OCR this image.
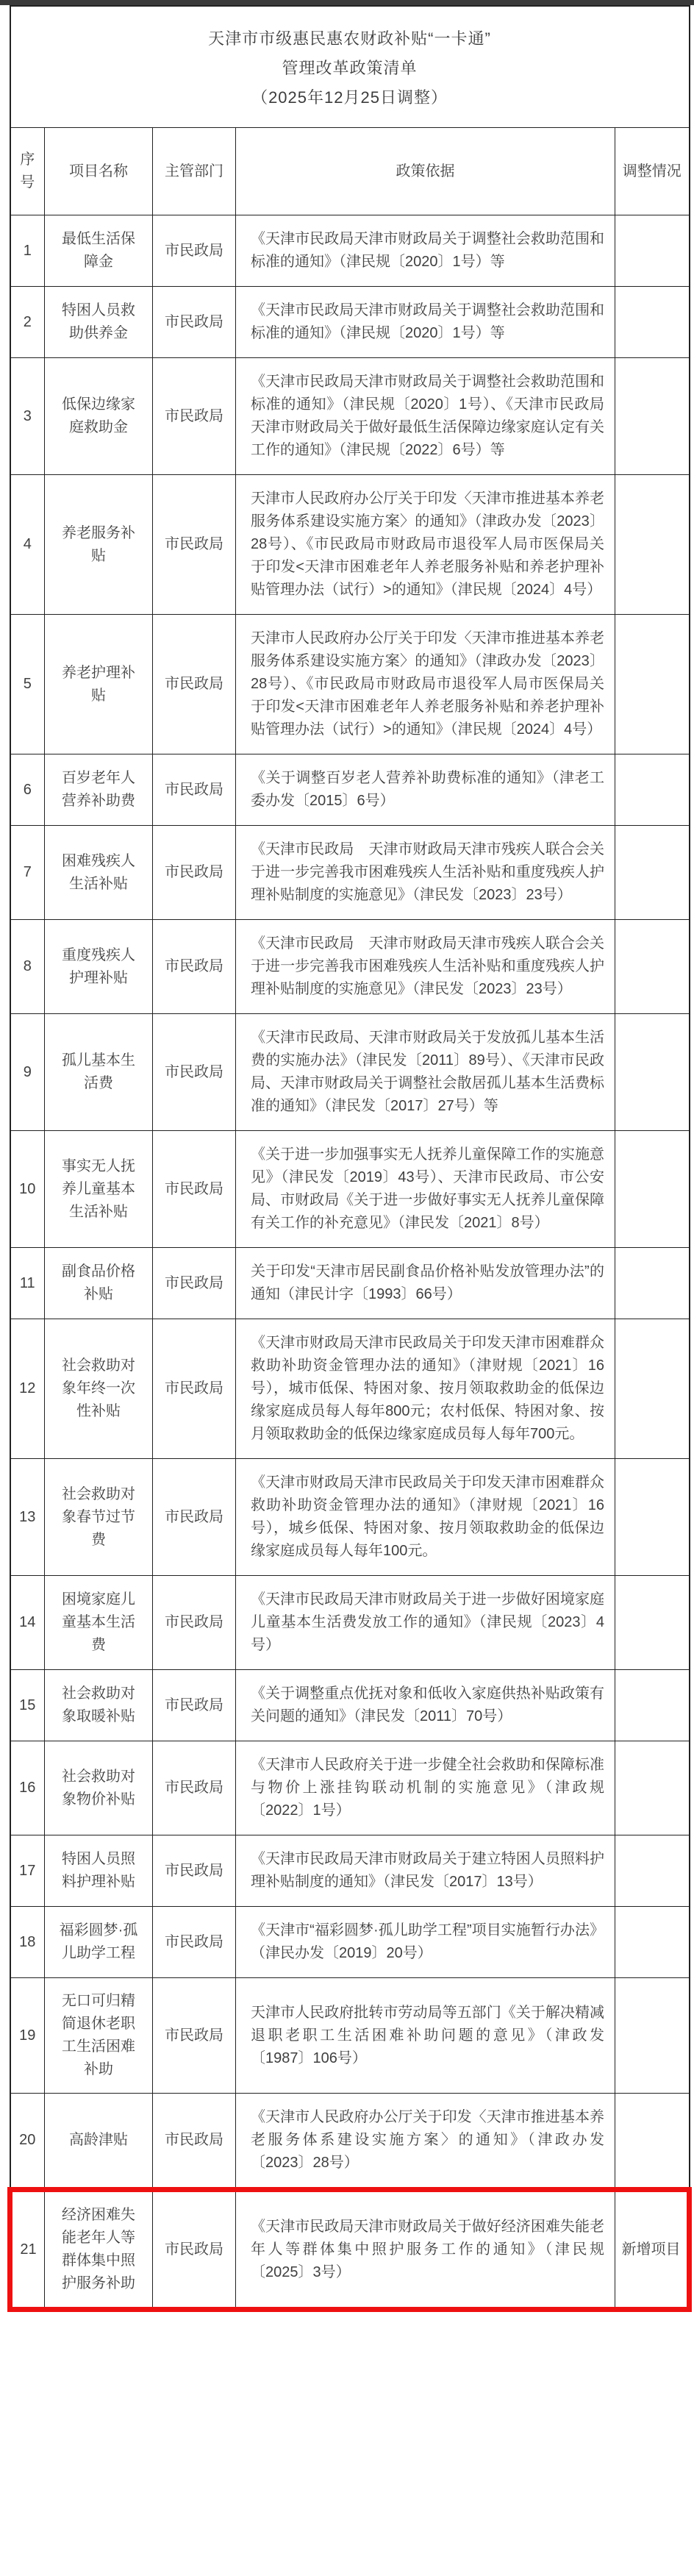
天津市市级惠民惠农财政补贴“一卡通”
管理改革政策清单
（2025年12月25日调整）				

序号	项目名称	主管部门	政策依据	调整情况
1	最低生活保障金	市民政局	《天津市民政局天津市财政局关于调整社会救助范围和标准的通知》（津民规〔2020〕1号）等	
2	特困人员救助供养金	市民政局	《天津市民政局天津市财政局关于调整社会救助范围和标准的通知》（津民规〔2020〕1号）等	
3	低保边缘家庭救助金	市民政局	《天津市民政局天津市财政局关于调整社会救助范围和标准的通知》（津民规〔2020〕1号）、《天津市民政局 天津市财政局关于做好最低生活保障边缘家庭认定有关工作的通知》（津民规〔2022〕6号）等	
4	养老服务补贴	市民政局	天津市人民政府办公厅关于印发〈天津市推进基本养老服务体系建设实施方案〉的通知》（津政办发〔2023〕28号）、《市民政局市财政局市退役军人局市医保局关于印发<天津市困难老年人养老服务补贴和养老护理补贴管理办法（试行）>的通知》（津民规〔2024〕4号）	
5	养老护理补贴	市民政局	天津市人民政府办公厅关于印发〈天津市推进基本养老服务体系建设实施方案〉的通知》（津政办发〔2023〕28号）、《市民政局市财政局市退役军人局市医保局关于印发<天津市困难老年人养老服务补贴和养老护理补贴管理办法（试行）>的通知》（津民规〔2024〕4号）	
6	百岁老年人营养补助费	市民政局	《关于调整百岁老人营养补助费标准的通知》（津老工委办发〔2015〕6号）	
7	困难残疾人生活补贴	市民政局	《天津市民政局　天津市财政局天津市残疾人联合会关于进一步完善我市困难残疾人生活补贴和重度残疾人护理补贴制度的实施意见》（津民发〔2023〕23号）	
8	重度残疾人护理补贴	市民政局	《天津市民政局　天津市财政局天津市残疾人联合会关于进一步完善我市困难残疾人生活补贴和重度残疾人护理补贴制度的实施意见》（津民发〔2023〕23号）	
9	孤儿基本生活费	市民政局	《天津市民政局、天津市财政局关于发放孤儿基本生活费的实施办法》（津民发〔2011〕89号）、《天津市民政局、天津市财政局关于调整社会散居孤儿基本生活费标准的通知》（津民发〔2017〕27号）等	
10	事实无人抚养儿童基本生活补贴	市民政局	《关于进一步加强事实无人抚养儿童保障工作的实施意见》（津民发〔2019〕43号）、天津市民政局、市公安局、市财政局《关于进一步做好事实无人抚养儿童保障有关工作的补充意见》（津民发〔2021〕8号）	
11	副食品价格补贴	市民政局	关于印发“天津市居民副食品价格补贴发放管理办法”的通知（津民计字〔1993〕66号）	
12	社会救助对象年终一次性补贴	市民政局	《天津市财政局天津市民政局关于印发天津市困难群众救助补助资金管理办法的通知》（津财规〔2021〕16号），城市低保、特困对象、按月领取救助金的低保边缘家庭成员每人每年800元；农村低保、特困对象、按月领取救助金的低保边缘家庭成员每人每年700元。	
13	社会救助对象春节过节费	市民政局	《天津市财政局天津市民政局关于印发天津市困难群众救助补助资金管理办法的通知》（津财规〔2021〕16号），城乡低保、特困对象、按月领取救助金的低保边缘家庭成员每人每年100元。	
14	困境家庭儿童基本生活费	市民政局	《天津市民政局天津市财政局关于进一步做好困境家庭儿童基本生活费发放工作的通知》（津民规〔2023〕4号）	
15	社会救助对象取暖补贴	市民政局	《关于调整重点优抚对象和低收入家庭供热补贴政策有关问题的通知》（津民发〔2011〕70号）	
16	社会救助对象物价补贴	市民政局	《天津市人民政府关于进一步健全社会救助和保障标准与物价上涨挂钩联动机制的实施意见》（津政规〔2022〕1号）	
17	特困人员照料护理补贴	市民政局	《天津市民政局天津市财政局关于建立特困人员照料护理补贴制度的通知》（津民发〔2017〕13号）	
18	福彩圆梦·孤儿助学工程	市民政局	《天津市“福彩圆梦·孤儿助学工程”项目实施暂行办法》（津民办发〔2019〕20号）	
19	无口可归精简退休老职工生活困难补助	市民政局	天津市人民政府批转市劳动局等五部门《关于解决精减退职老职工生活困难补助问题的意见》（津政发〔1987〕106号）	
20	高龄津贴	市民政局	《天津市人民政府办公厅关于印发〈天津市推进基本养老服务体系建设实施方案〉的通知》（津政办发〔2023〕28号）	
21	经济困难失能老年人等群体集中照护服务补助	市民政局	《天津市民政局天津市财政局关于做好经济困难失能老年人等群体集中照护服务工作的通知》（津民规〔2025〕3号）	新增项目
